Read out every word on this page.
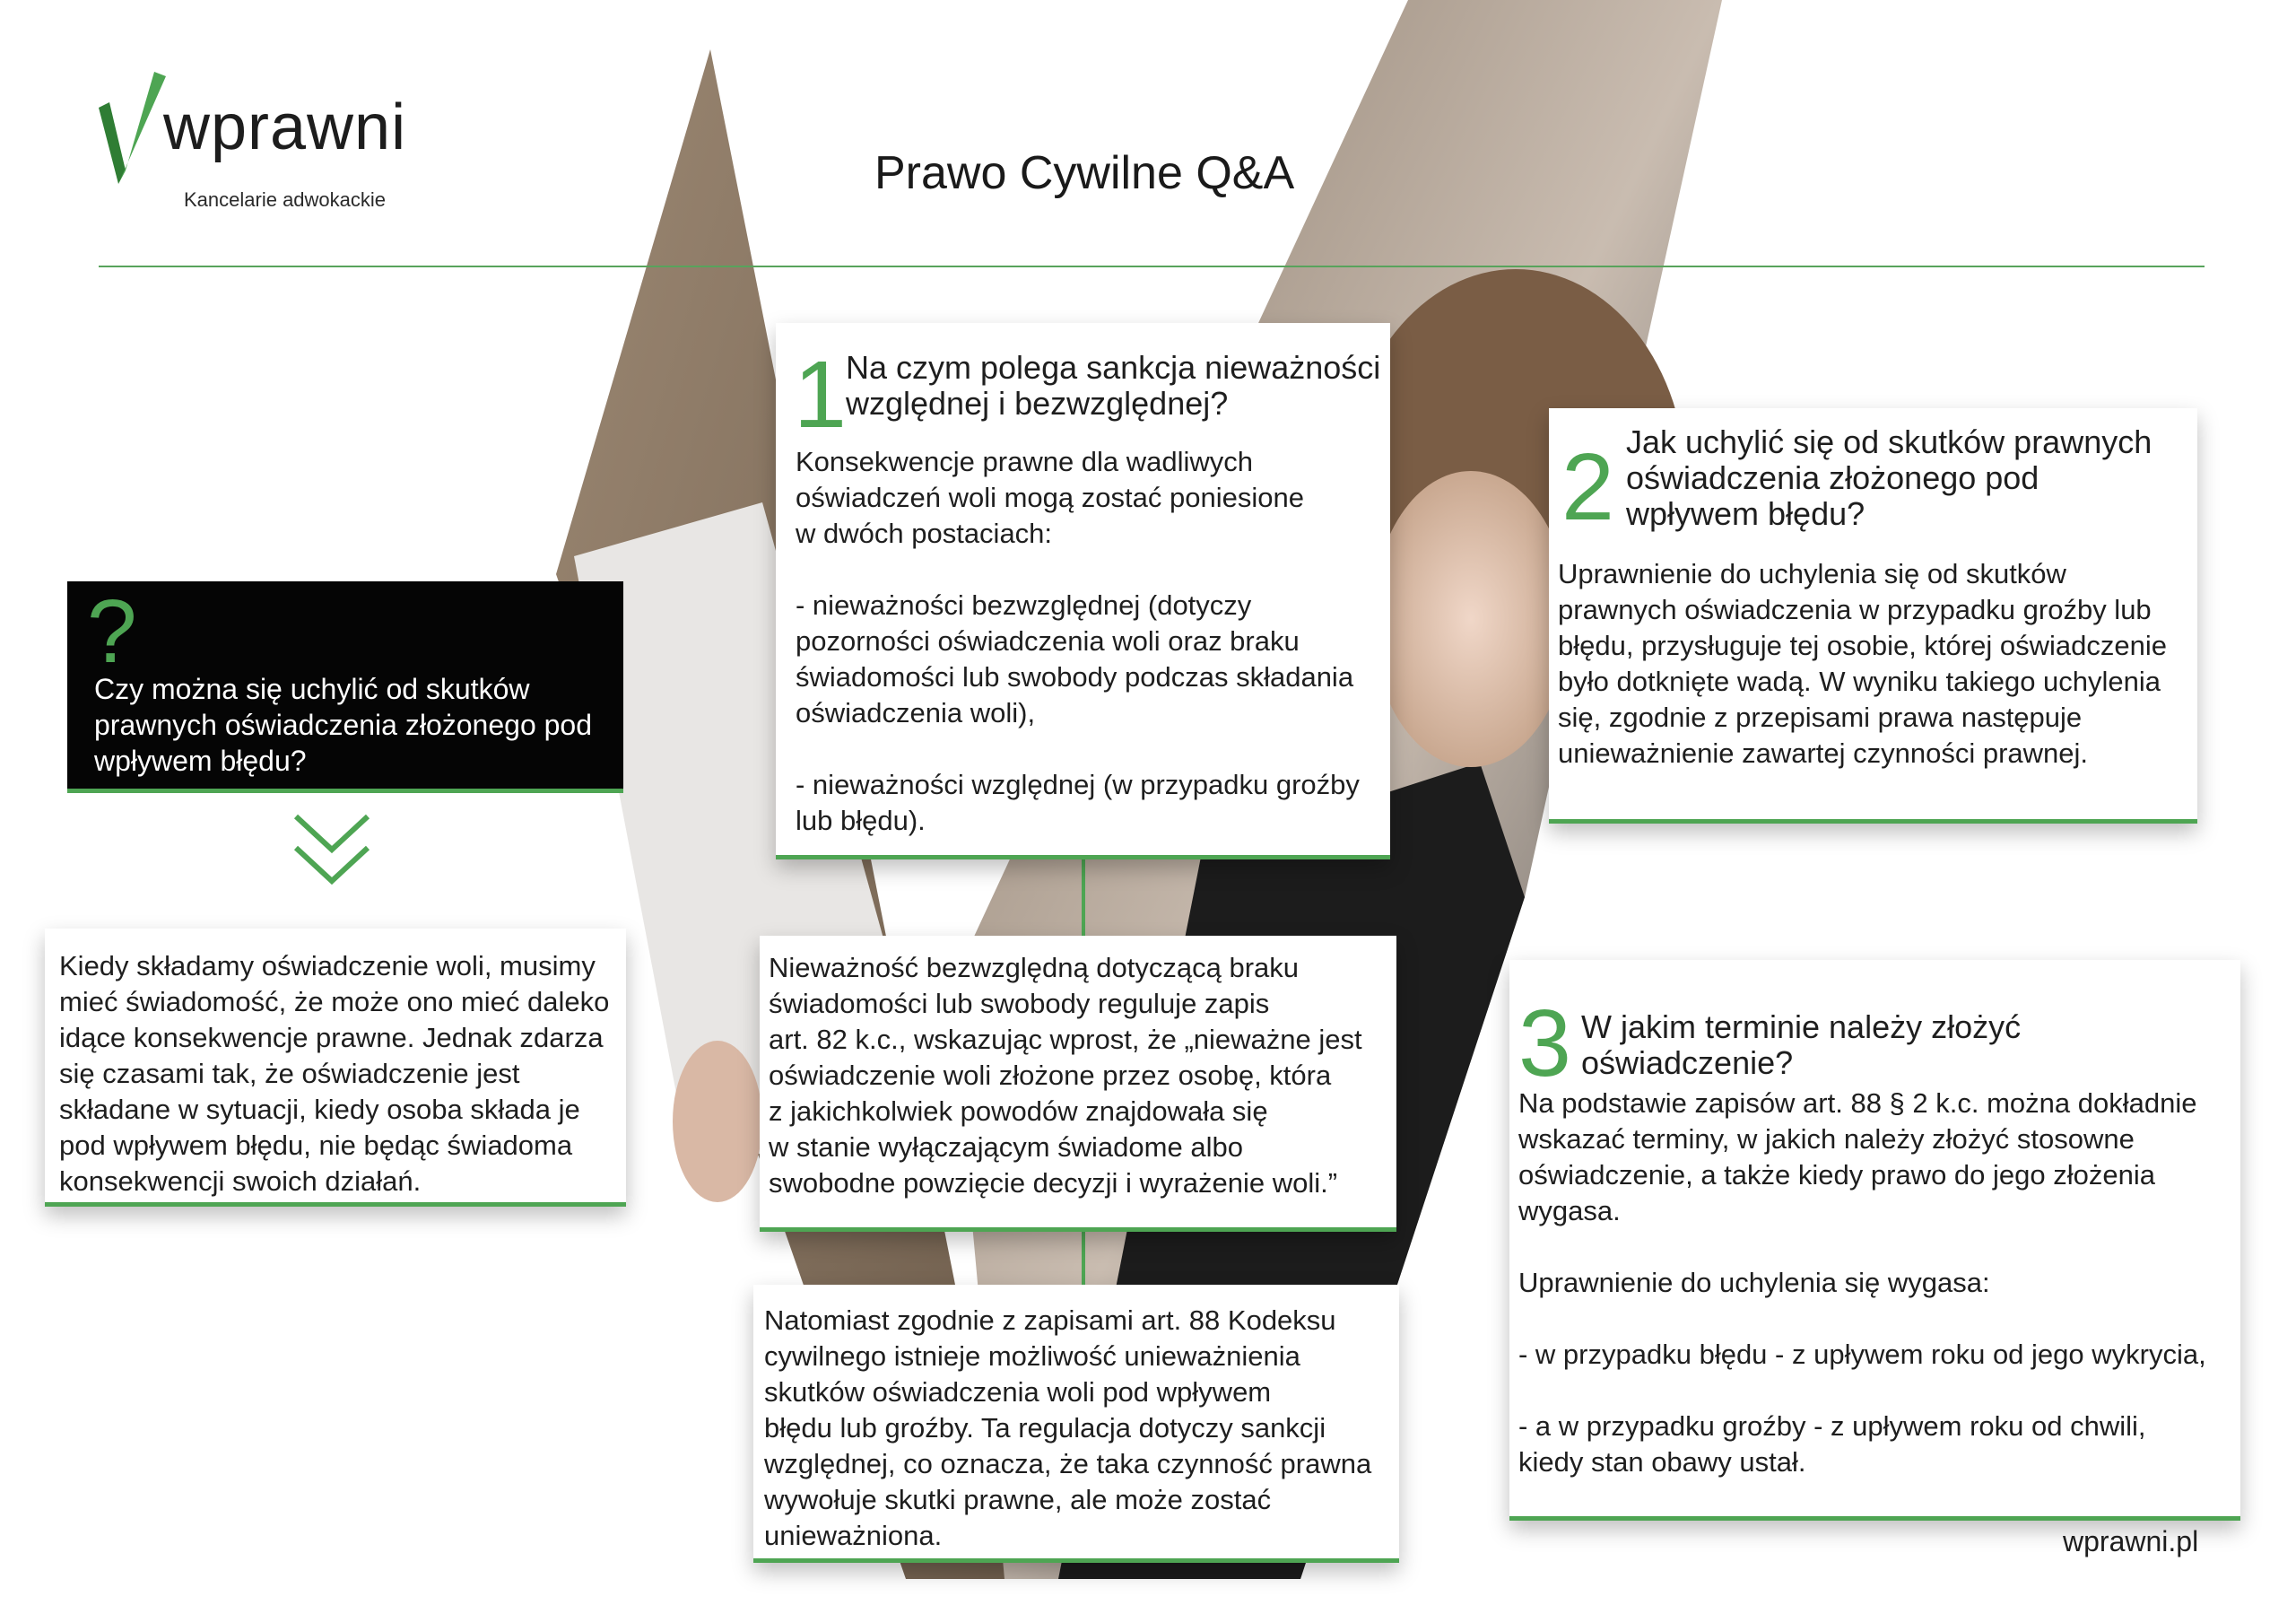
wprawni
Kancelarie adwokackie
Prawo Cywilne Q&A
?
Czy można się uchylić od skutków
prawnych oświadczenia złożonego pod
wpływem błędu?
Kiedy składamy oświadczenie woli, musimy
mieć świadomość, że może ono mieć daleko
idące konsekwencje prawne. Jednak zdarza
się czasami tak, że oświadczenie jest
składane w sytuacji, kiedy osoba składa je
pod wpływem błędu, nie będąc świadoma
konsekwencji swoich działań.
1 Na czym polega sankcja nieważności
względnej i bezwzględnej?
Konsekwencje prawne dla wadliwych
oświadczeń woli mogą zostać poniesione
w dwóch postaciach:

- nieważności bezwzględnej (dotyczy
pozorności oświadczenia woli oraz braku
świadomości lub swobody podczas składania
oświadczenia woli),

- nieważności względnej (w przypadku groźby
lub błędu).
2 Jak uchylić się od skutków prawnych
oświadczenia złożonego pod
wpływem błędu?
Uprawnienie do uchylenia się od skutków
prawnych oświadczenia w przypadku groźby lub
błędu, przysługuje tej osobie, której oświadczenie
było dotknięte wadą. W wyniku takiego uchylenia
się, zgodnie z przepisami prawa następuje
unieważnienie zawartej czynności prawnej.
Nieważność bezwzględną dotyczącą braku
świadomości lub swobody reguluje zapis
art. 82 k.c., wskazując wprost, że „nieważne jest
oświadczenie woli złożone przez osobę, która
z jakichkolwiek powodów znajdowała się
w stanie wyłączającym świadome albo
swobodne powzięcie decyzji i wyrażenie woli.”
Natomiast zgodnie z zapisami art. 88 Kodeksu
cywilnego istnieje możliwość unieważnienia
skutków oświadczenia woli pod wpływem
błędu lub groźby. Ta regulacja dotyczy sankcji
względnej, co oznacza, że taka czynność prawna
wywołuje skutki prawne, ale może zostać
unieważniona.
3 W jakim terminie należy złożyć oświadczenie?
Na podstawie zapisów art. 88 § 2 k.c. można dokładnie
wskazać terminy, w jakich należy złożyć stosowne
oświadczenie, a także kiedy prawo do jego złożenia
wygasa.

Uprawnienie do uchylenia się wygasa:

- w przypadku błędu - z upływem roku od jego wykrycia,

- a w przypadku groźby - z upływem roku od chwili,
kiedy stan obawy ustał.
wprawni.pl
